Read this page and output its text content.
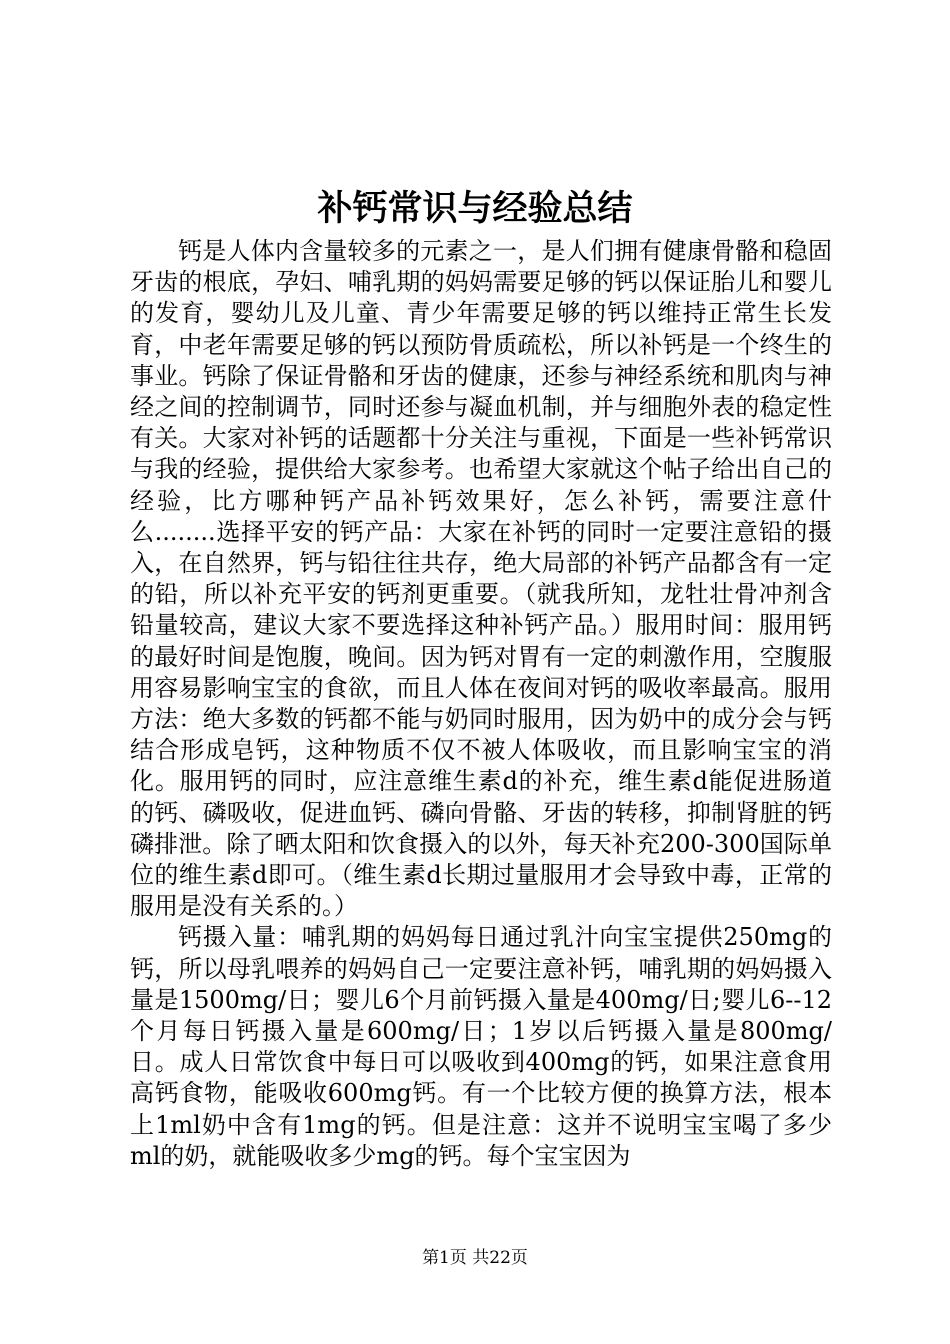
补钙常识与经验总结

钙是人体内含量较多的元素之一，是人们拥有健康骨骼和稳固牙齿的根底，孕妇、哺乳期的妈妈需要足够的钙以保证胎儿和婴儿的发育，婴幼儿及儿童、青少年需要足够的钙以维持正常生长发育，中老年需要足够的钙以预防骨质疏松，所以补钙是一个终生的事业。钙除了保证骨骼和牙齿的健康，还参与神经系统和肌肉与神经之间的控制调节，同时还参与凝血机制，并与细胞外表的稳定性有关。大家对补钙的话题都十分关注与重视，下面是一些补钙常识与我的经验，提供给大家参考。也希望大家就这个帖子给出自己的经验，比方哪种钙产品补钙效果好，怎么补钙，需要注意什么........选择平安的钙产品：大家在补钙的同时一定要注意铅的摄入，在自然界，钙与铅往往共存，绝大局部的补钙产品都含有一定的铅，所以补充平安的钙剂更重要。（就我所知，龙牡壮骨冲剂含铅量较高，建议大家不要选择这种补钙产品。）服用时间：服用钙的最好时间是饱腹，晚间。因为钙对胃有一定的刺激作用，空腹服用容易影响宝宝的食欲，而且人体在夜间对钙的吸收率最高。服用方法：绝大多数的钙都不能与奶同时服用，因为奶中的成分会与钙结合形成皂钙，这种物质不仅不被人体吸收，而且影响宝宝的消化。服用钙的同时，应注意维生素d的补充，维生素d能促进肠道的钙、磷吸收，促进血钙、磷向骨骼、牙齿的转移，抑制肾脏的钙磷排泄。除了晒太阳和饮食摄入的以外，每天补充200-300国际单位的维生素d即可。（维生素d长期过量服用才会导致中毒，正常的服用是没有关系的。）

钙摄入量：哺乳期的妈妈每日通过乳汁向宝宝提供250mg的钙，所以母乳喂养的妈妈自己一定要注意补钙，哺乳期的妈妈摄入量是1500mg/日；婴儿6个月前钙摄入量是400mg/日;婴儿6--12个月每日钙摄入量是600mg/日；1岁以后钙摄入量是800mg/日。成人日常饮食中每日可以吸收到400mg的钙，如果注意食用高钙食物，能吸收600mg钙。有一个比较方便的换算方法，根本上1ml奶中含有1mg的钙。但是注意：这并不说明宝宝喝了多少ml的奶，就能吸收多少mg的钙。每个宝宝因为

第1页 共22页
